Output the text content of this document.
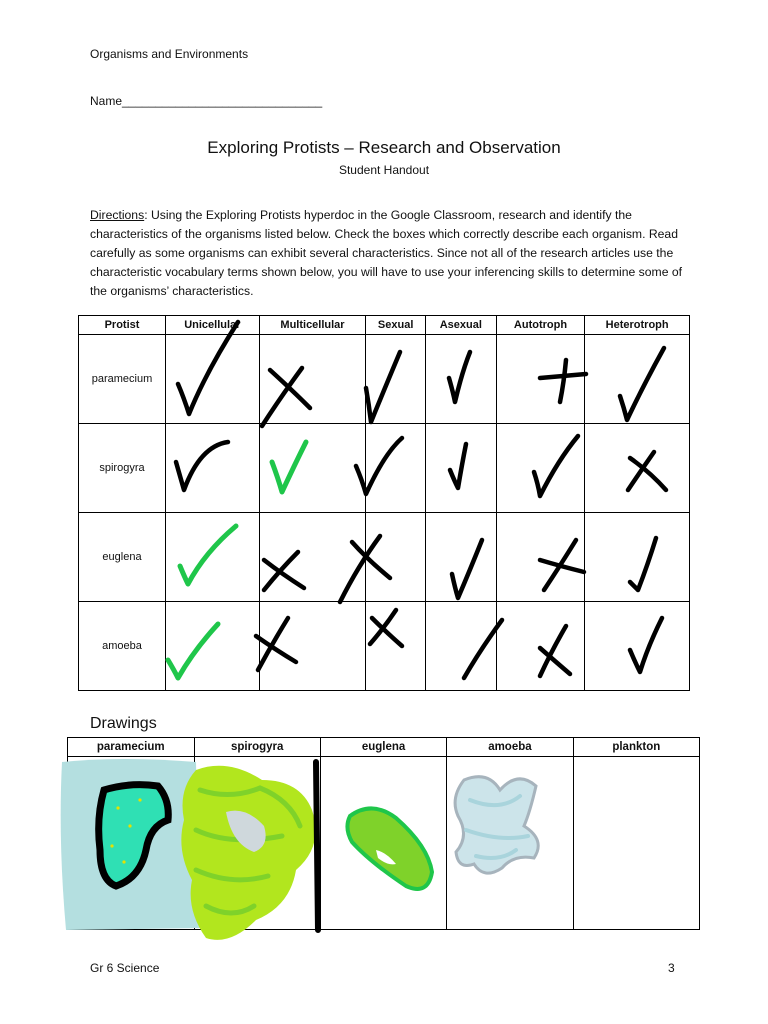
Organisms and Environments
Name______________________________
Exploring Protists – Research and Observation
Student Handout
Directions: Using the Exploring Protists hyperdoc in the Google Classroom, research and identify the characteristics of the organisms listed below. Check the boxes which correctly describe each organism. Read carefully as some organisms can exhibit several characteristics. Since not all of the research articles use the characteristic vocabulary terms shown below, you will have to use your inferencing skills to determine some of the organisms’ characteristics.
Protist	Unicellular	Multicellular	Sexual	Asexual	Autotroph	Heterotroph
paramecium						
spirogyra						
euglena						
amoeba						
Drawings
paramecium	spirogyra	euglena	amoeba	plankton

Gr 6 Science	3
